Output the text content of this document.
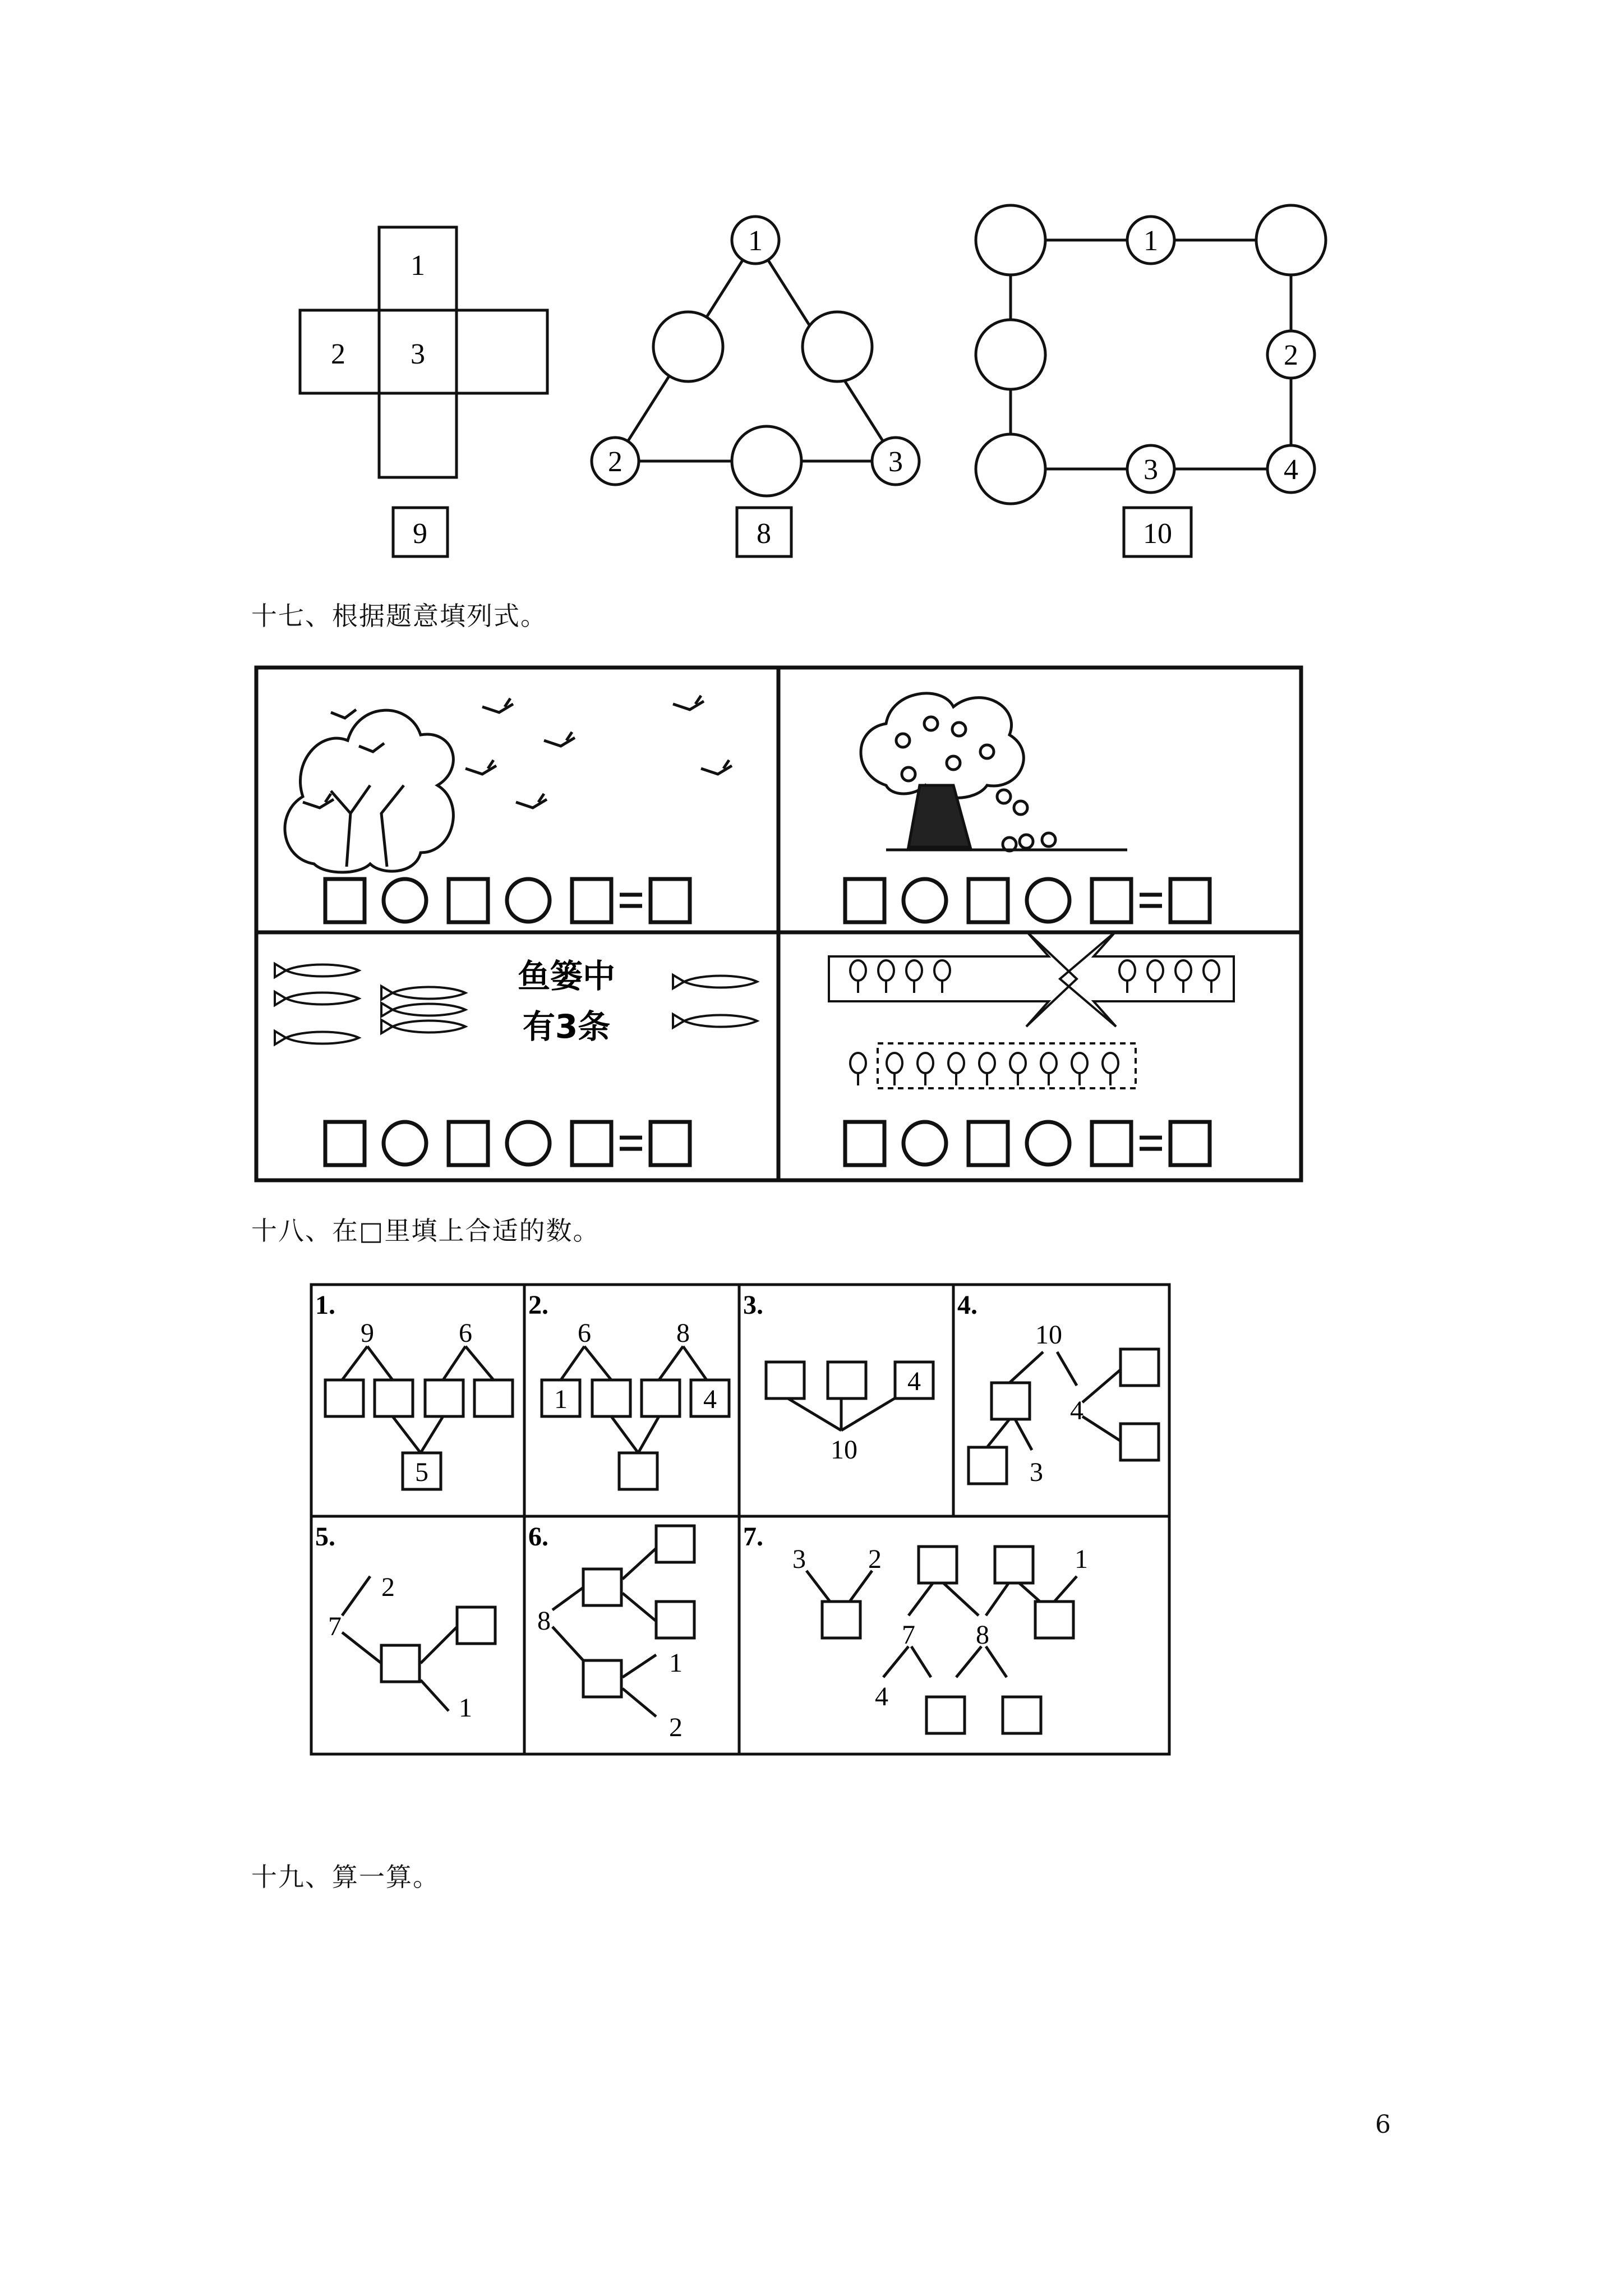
1
2 3
9
1
2	3
8
1
2
3	4
10
十七、根据题意填列式。
鱼篓中
有3条
十八、在□里填上合适的数。
1.	2.	3.	4.
5.	6.	7.
9	6
5
6	8
1	4
4
10
10
4
3
7
2
1
8
1
2
3 2
7 8
4
1
十九、算一算。
6
